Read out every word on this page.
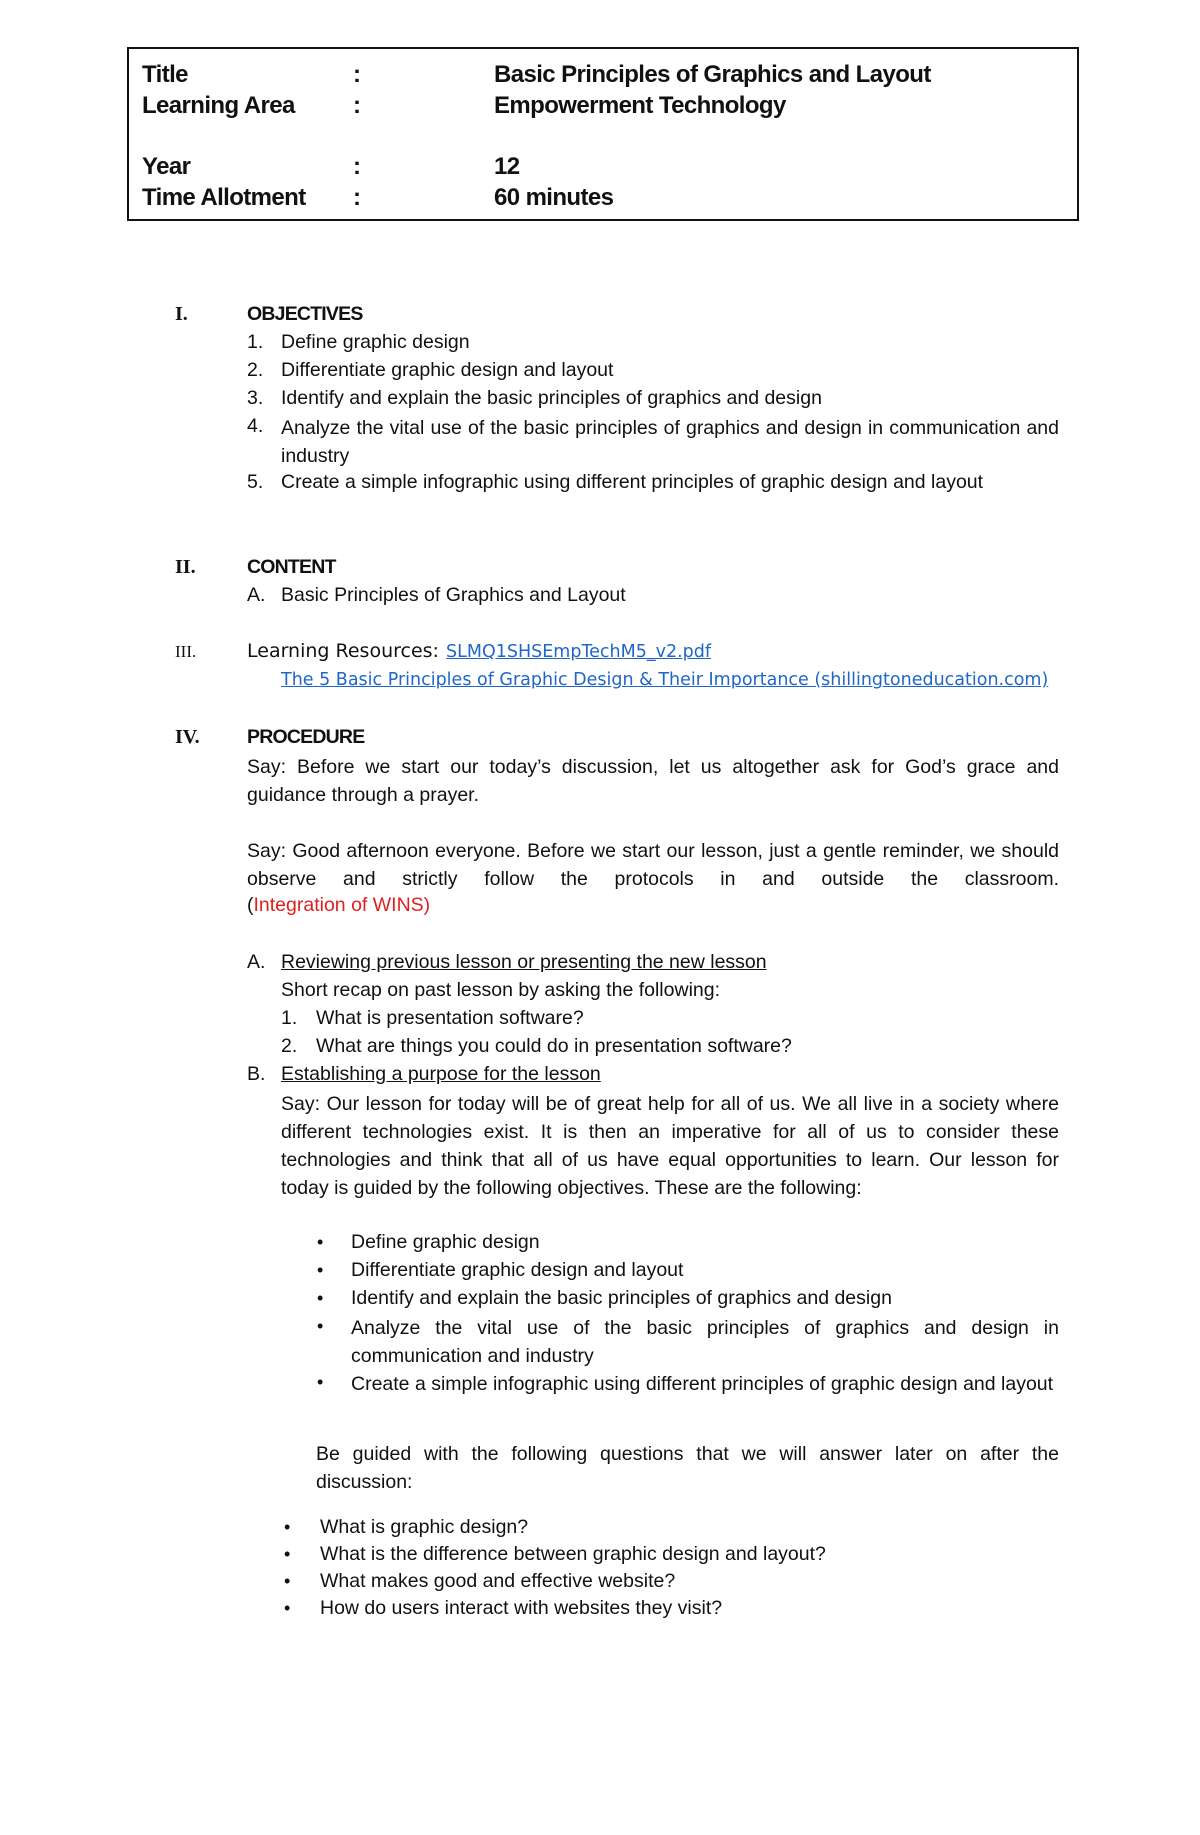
Title	:	Basic Principles of Graphics and Layout
Learning Area :	Empowerment Technology
Year	:	12
Time Allotment :	60 minutes
I.	OBJECTIVES
1. Define graphic design
2. Differentiate graphic design and layout
3. Identify and explain the basic principles of graphics and design
4. Analyze the vital use of the basic principles of graphics and design in communication and industry
5. Create a simple infographic using different principles of graphic design and layout
II.	CONTENT
A. Basic Principles of Graphics and Layout
III.	Learning Resources: SLMQ1SHSEmpTechM5_v2.pdf
The 5 Basic Principles of Graphic Design & Their Importance (shillingtoneducation.com)
IV. PROCEDURE
Say: Before we start our today’s discussion, let us altogether ask for God’s grace and guidance through a prayer.
Say: Good afternoon everyone. Before we start our lesson, just a gentle reminder, we should observe and strictly follow the protocols in and outside the classroom.
(Integration of WINS)
A. Reviewing previous lesson or presenting the new lesson
Short recap on past lesson by asking the following:
1. What is presentation software?
2. What are things you could do in presentation software?
B. Establishing a purpose for the lesson
Say: Our lesson for today will be of great help for all of us. We all live in a society where different technologies exist. It is then an imperative for all of us to consider these technologies and think that all of us have equal opportunities to learn. Our lesson for today is guided by the following objectives. These are the following:
• Define graphic design
• Differentiate graphic design and layout
• Identify and explain the basic principles of graphics and design
• Analyze the vital use of the basic principles of graphics and design in communication and industry
• Create a simple infographic using different principles of graphic design and layout
Be guided with the following questions that we will answer later on after the discussion:
• What is graphic design?
• What is the difference between graphic design and layout?
• What makes good and effective website?
• How do users interact with websites they visit?
